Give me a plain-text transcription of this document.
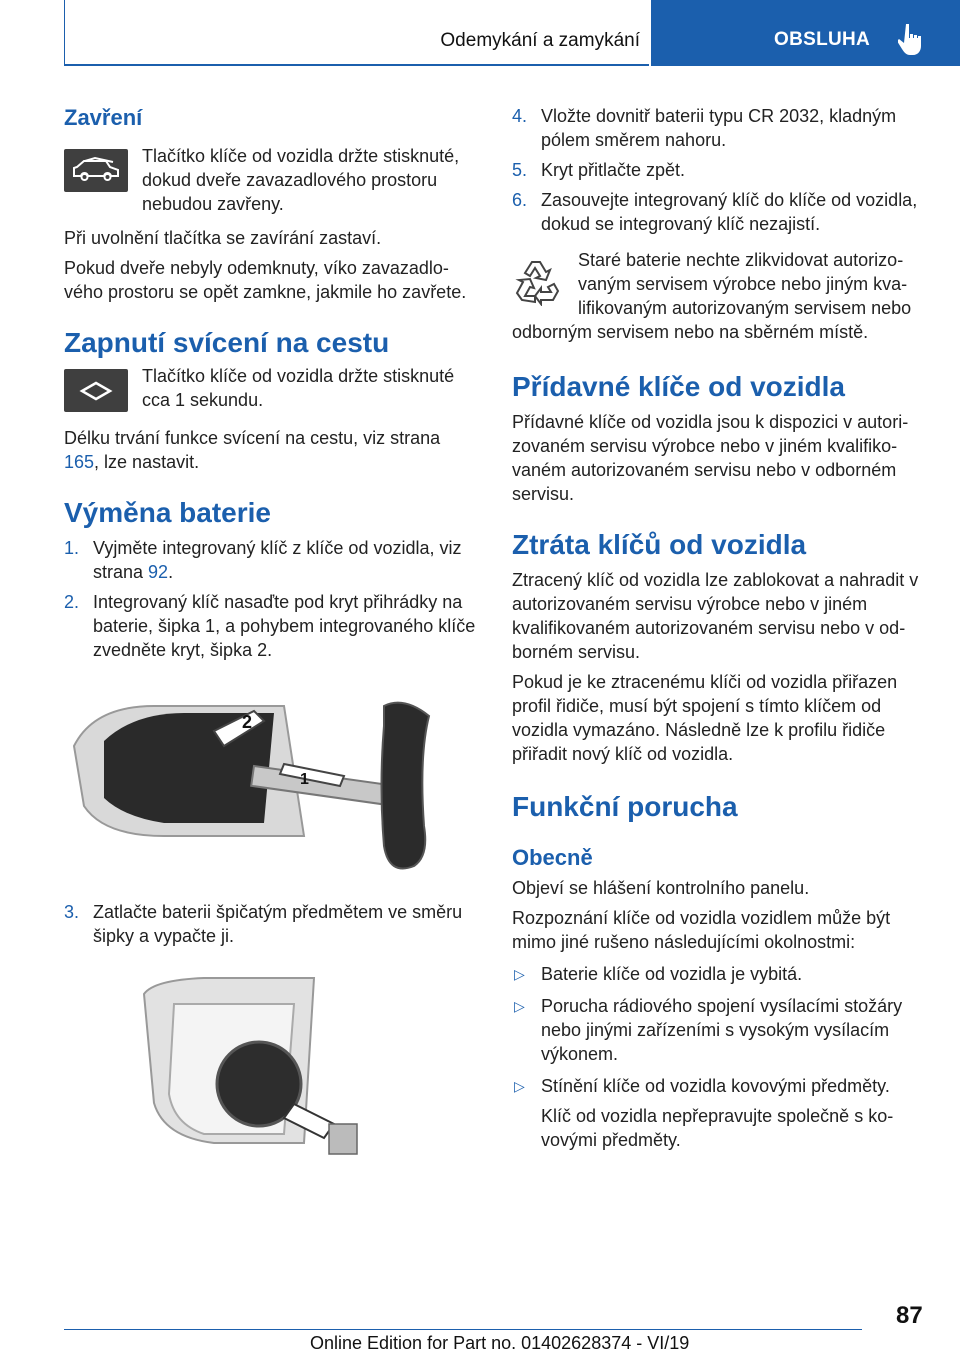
Odemykání a zamykání	OBSLUHA
Zavření

Tlačítko klíče od vozidla držte stisknuté, dokud dveře zavazadlového prostoru nebudou zavřeny.

Při uvolnění tlačítka se zavírání zastaví.

Pokud dveře nebyly odemknuty, víko zavazadlového prostoru se opět zamkne, jakmile ho zavřete.

Zapnutí svícení na cestu

Tlačítko klíče od vozidla držte stisknuté cca 1 sekundu.

Délku trvání funkce svícení na cestu, viz strana 165, lze nastavit.

Výměna baterie
1. Vyjměte integrovaný klíč z klíče od vozidla, viz strana 92.
2. Integrovaný klíč nasaďte pod kryt přihrádky na baterie, šipka 1, a pohybem integrovaného klíče zvedněte kryt, šipka 2.
2
1
3. Zatlačte baterii špičatým předmětem ve směru šipky a vypačte ji.
4. Vložte dovnitř baterii typu CR 2032, kladným pólem směrem nahoru.
5. Kryt přitlačte zpět.
6. Zasouvejte integrovaný klíč do klíče od vozidla, dokud se integrovaný klíč nezajistí.

Staré baterie nechte zlikvidovat autorizovaným servisem výrobce nebo jiným kvalifikovaným autorizovaným servisem nebo odborným servisem nebo na sběrném místě.

Přídavné klíče od vozidla

Přídavné klíče od vozidla jsou k dispozici v autorizovaném servisu výrobce nebo v jiném kvalifikovaném autorizovaném servisu nebo v odborném servisu.

Ztráta klíčů od vozidla

Ztracený klíč od vozidla lze zablokovat a nahradit v autorizovaném servisu výrobce nebo v jiném kvalifikovaném autorizovaném servisu nebo v odborném servisu.

Pokud je ke ztracenému klíči od vozidla přiřazen profil řidiče, musí být spojení s tímto klíčem od vozidla vymazáno. Následně lze k profilu řidiče přiřadit nový klíč od vozidla.

Funkční porucha
Obecně

Objeví se hlášení kontrolního panelu.

Rozpoznání klíče od vozidla vozidlem může být mimo jiné rušeno následujícími okolnostmi:

▷ Baterie klíče od vozidla je vybitá.
▷ Porucha rádiového spojení vysílacími stožáry nebo jinými zařízeními s vysokým vysílacím výkonem.
▷ Stínění klíče od vozidla kovovými předměty.

Klíč od vozidla nepřepravujte společně s kovovými předměty.

87
Online Edition for Part no. 01402628374 - VI/19
